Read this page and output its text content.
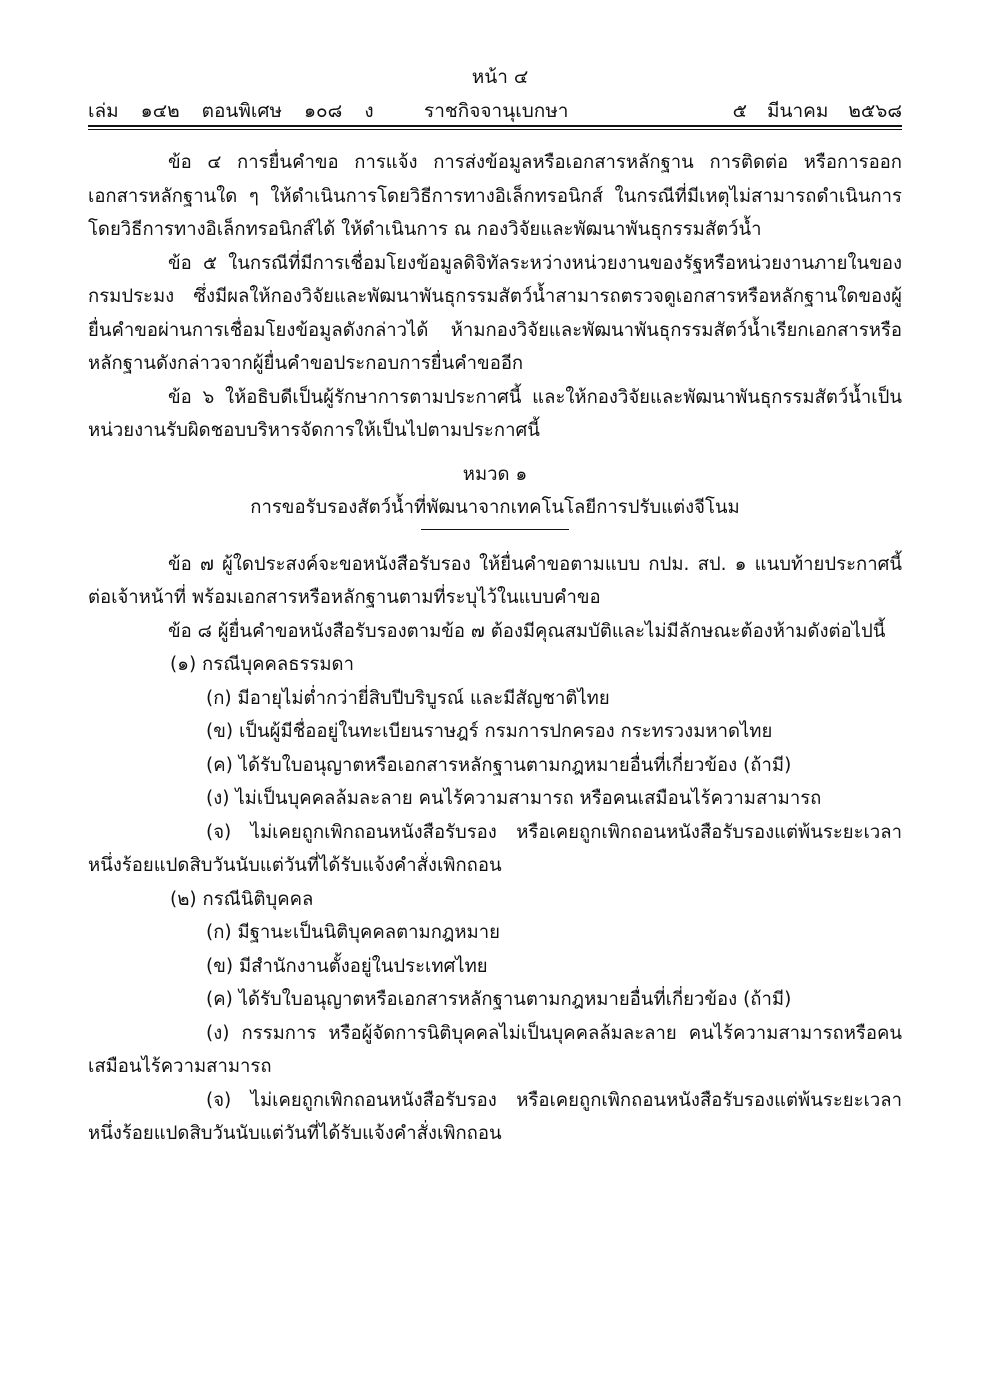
หน้า ๔
เล่ม ๑๔๒ ตอนพิเศษ ๑๐๘ ง	ราชกิจจานุเบกษา	๕ มีนาคม ๒๕๖๘

ข้อ ๔ การยื่นคำขอ การแจ้ง การส่งข้อมูลหรือเอกสารหลักฐาน การติดต่อ หรือการออกเอกสารหลักฐานใด ๆ ให้ดำเนินการโดยวิธีการทางอิเล็กทรอนิกส์ ในกรณีที่มีเหตุไม่สามารถดำเนินการโดยวิธีการทางอิเล็กทรอนิกส์ได้ ให้ดำเนินการ ณ กองวิจัยและพัฒนาพันธุกรรมสัตว์น้ำ

ข้อ ๕ ในกรณีที่มีการเชื่อมโยงข้อมูลดิจิทัลระหว่างหน่วยงานของรัฐหรือหน่วยงานภายในของกรมประมง ซึ่งมีผลให้กองวิจัยและพัฒนาพันธุกรรมสัตว์น้ำสามารถตรวจดูเอกสารหรือหลักฐานใดของผู้ยื่นคำขอผ่านการเชื่อมโยงข้อมูลดังกล่าวได้ ห้ามกองวิจัยและพัฒนาพันธุกรรมสัตว์น้ำเรียกเอกสารหรือหลักฐานดังกล่าวจากผู้ยื่นคำขอประกอบการยื่นคำขออีก

ข้อ ๖ ให้อธิบดีเป็นผู้รักษาการตามประกาศนี้ และให้กองวิจัยและพัฒนาพันธุกรรมสัตว์น้ำเป็นหน่วยงานรับผิดชอบบริหารจัดการให้เป็นไปตามประกาศนี้

หมวด ๑

การขอรับรองสัตว์น้ำที่พัฒนาจากเทคโนโลยีการปรับแต่งจีโนม

ข้อ ๗ ผู้ใดประสงค์จะขอหนังสือรับรอง ให้ยื่นคำขอตามแบบ กปม. สป. ๑ แนบท้ายประกาศนี้ต่อเจ้าหน้าที่ พร้อมเอกสารหรือหลักฐานตามที่ระบุไว้ในแบบคำขอ

ข้อ ๘ ผู้ยื่นคำขอหนังสือรับรองตามข้อ ๗ ต้องมีคุณสมบัติและไม่มีลักษณะต้องห้ามดังต่อไปนี้

(๑) กรณีบุคคลธรรมดา

(ก) มีอายุไม่ต่ำกว่ายี่สิบปีบริบูรณ์ และมีสัญชาติไทย

(ข) เป็นผู้มีชื่ออยู่ในทะเบียนราษฎร์ กรมการปกครอง กระทรวงมหาดไทย

(ค) ได้รับใบอนุญาตหรือเอกสารหลักฐานตามกฎหมายอื่นที่เกี่ยวข้อง (ถ้ามี)

(ง) ไม่เป็นบุคคลล้มละลาย คนไร้ความสามารถ หรือคนเสมือนไร้ความสามารถ

(จ) ไม่เคยถูกเพิกถอนหนังสือรับรอง หรือเคยถูกเพิกถอนหนังสือรับรองแต่พ้นระยะเวลาหนึ่งร้อยแปดสิบวันนับแต่วันที่ได้รับแจ้งคำสั่งเพิกถอน

(๒) กรณีนิติบุคคล

(ก) มีฐานะเป็นนิติบุคคลตามกฎหมาย

(ข) มีสำนักงานตั้งอยู่ในประเทศไทย

(ค) ได้รับใบอนุญาตหรือเอกสารหลักฐานตามกฎหมายอื่นที่เกี่ยวข้อง (ถ้ามี)

(ง) กรรมการ หรือผู้จัดการนิติบุคคลไม่เป็นบุคคลล้มละลาย คนไร้ความสามารถหรือคนเสมือนไร้ความสามารถ

(จ) ไม่เคยถูกเพิกถอนหนังสือรับรอง หรือเคยถูกเพิกถอนหนังสือรับรองแต่พ้นระยะเวลาหนึ่งร้อยแปดสิบวันนับแต่วันที่ได้รับแจ้งคำสั่งเพิกถอน
